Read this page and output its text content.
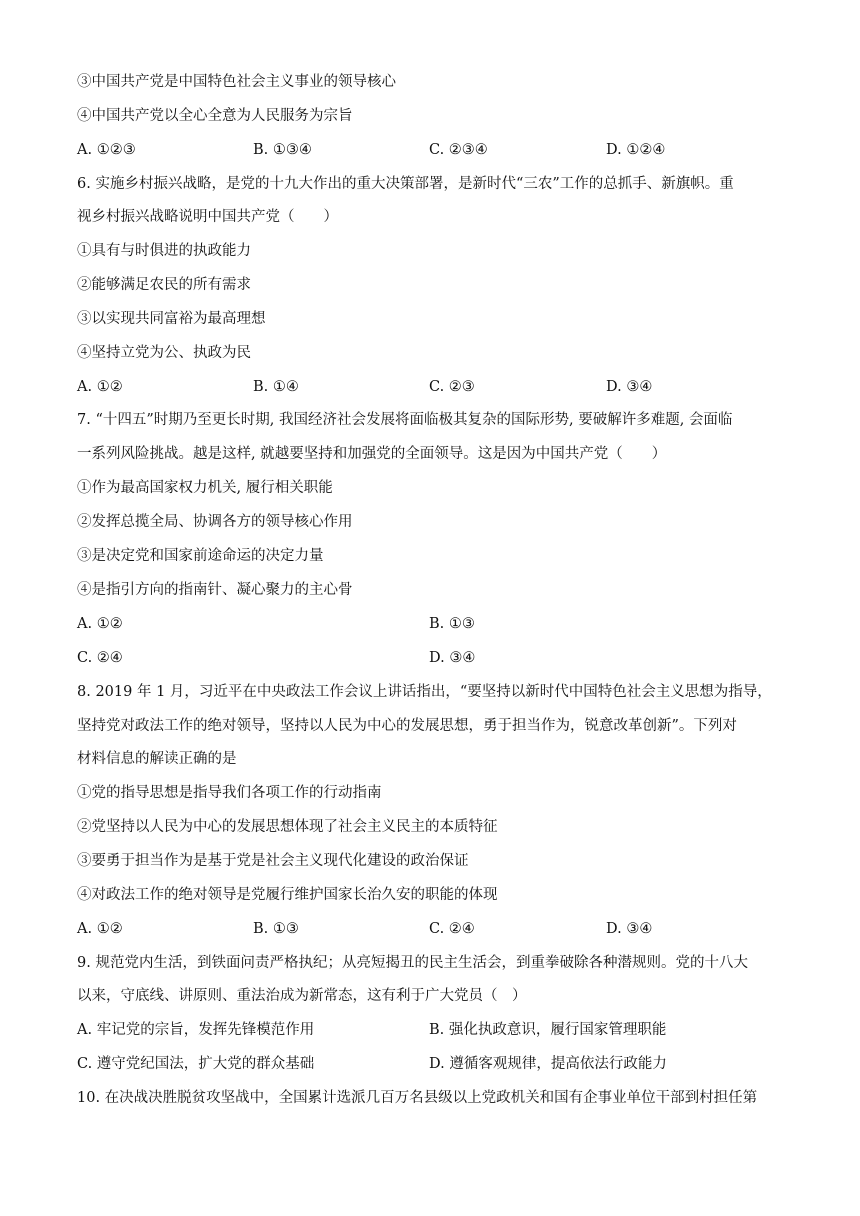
③中国共产党是中国特色社会主义事业的领导核心
④中国共产党以全心全意为人民服务为宗旨
A. ①②③	B. ①③④	C. ②③④	D. ①②④
6. 实施乡村振兴战略，是党的十九大作出的重大决策部署，是新时代“三农”工作的总抓手、新旗帜。重
视乡村振兴战略说明中国共产党（　　）
①具有与时俱进的执政能力
②能够满足农民的所有需求
③以实现共同富裕为最高理想
④坚持立党为公、执政为民
A. ①②	B. ①④	C. ②③	D. ③④
7. “十四五”时期乃至更长时期, 我国经济社会发展将面临极其复杂的国际形势, 要破解许多难题, 会面临
一系列风险挑战。越是这样, 就越要坚持和加强党的全面领导。这是因为中国共产党（　　）
①作为最高国家权力机关, 履行相关职能
②发挥总揽全局、协调各方的领导核心作用
③是决定党和国家前途命运的决定力量
④是指引方向的指南针、凝心聚力的主心骨
A. ①②	B. ①③
C. ②④	D. ③④
8. 2019 年 1 月，习近平在中央政法工作会议上讲话指出，“要坚持以新时代中国特色社会主义思想为指导，
坚持党对政法工作的绝对领导，坚持以人民为中心的发展思想，勇于担当作为，锐意改革创新”。下列对
材料信息的解读正确的是
①党的指导思想是指导我们各项工作的行动指南
②党坚持以人民为中心的发展思想体现了社会主义民主的本质特征
③要勇于担当作为是基于党是社会主义现代化建设的政治保证
④对政法工作的绝对领导是党履行维护国家长治久安的职能的体现
A. ①②	B. ①③	C. ②④	D. ③④
9. 规范党内生活，到铁面问责严格执纪；从亮短揭丑的民主生活会，到重拳破除各种潜规则。党的十八大
以来，守底线、讲原则、重法治成为新常态，这有利于广大党员（　）
A. 牢记党的宗旨，发挥先锋模范作用	B. 强化执政意识，履行国家管理职能
C. 遵守党纪国法，扩大党的群众基础	D. 遵循客观规律，提高依法行政能力
10. 在决战决胜脱贫攻坚战中，全国累计选派几百万名县级以上党政机关和国有企事业单位干部到村担任第
